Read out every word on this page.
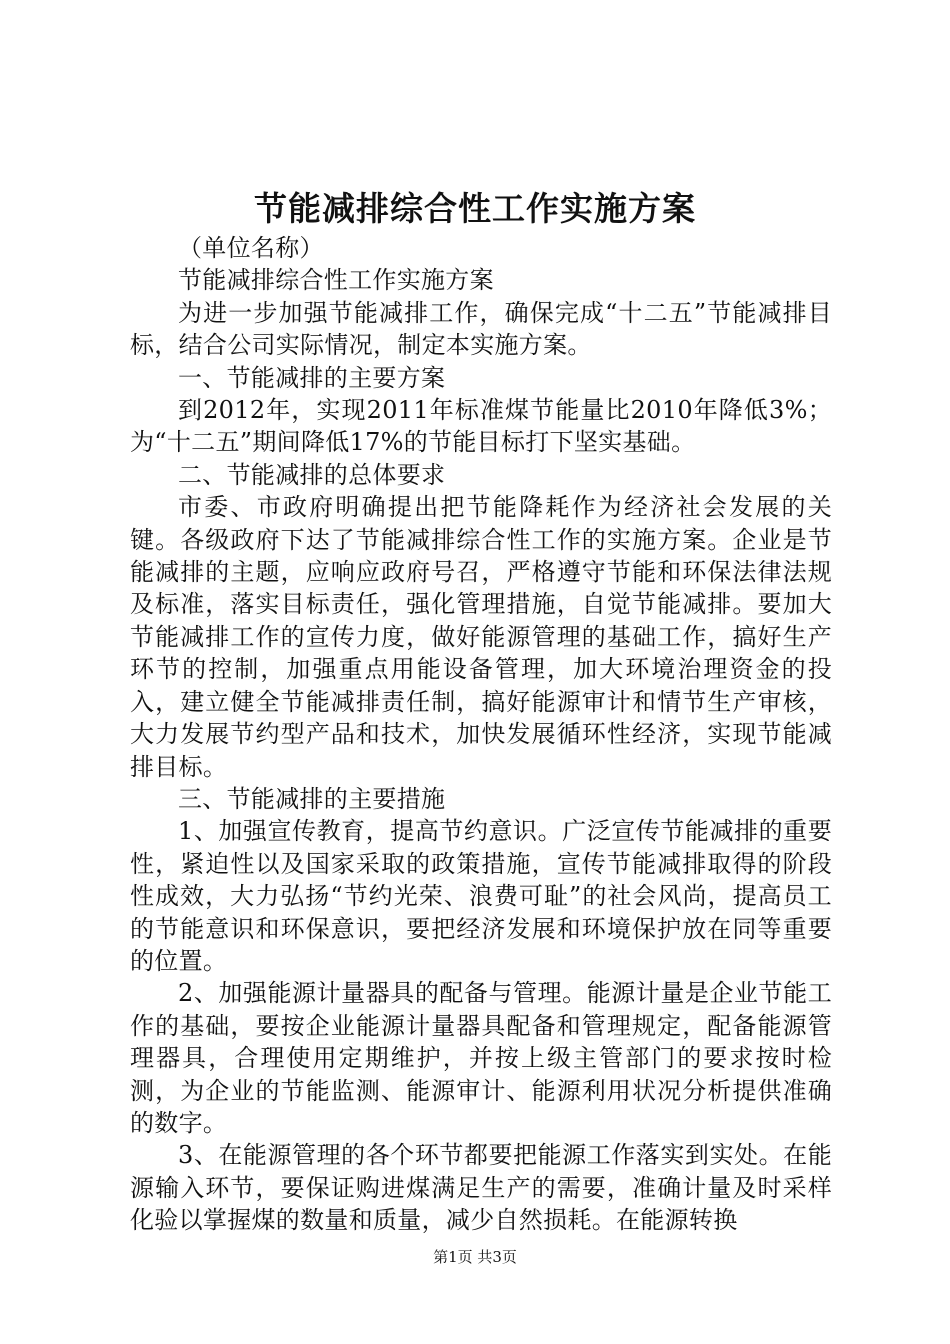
节能减排综合性工作实施方案

（单位名称）

节能减排综合性工作实施方案

为进一步加强节能减排工作，确保完成“十二五”节能减排目标，结合公司实际情况，制定本实施方案。

一、节能减排的主要方案

到2012年，实现2011年标准煤节能量比2010年降低3%；为“十二五”期间降低17%的节能目标打下坚实基础。

二、节能减排的总体要求

市委、市政府明确提出把节能降耗作为经济社会发展的关键。各级政府下达了节能减排综合性工作的实施方案。企业是节能减排的主题，应响应政府号召，严格遵守节能和环保法律法规及标准，落实目标责任，强化管理措施，自觉节能减排。要加大节能减排工作的宣传力度，做好能源管理的基础工作，搞好生产环节的控制，加强重点用能设备管理，加大环境治理资金的投入，建立健全节能减排责任制，搞好能源审计和情节生产审核，大力发展节约型产品和技术，加快发展循环性经济，实现节能减排目标。

三、节能减排的主要措施

1、加强宣传教育，提高节约意识。广泛宣传节能减排的重要性，紧迫性以及国家采取的政策措施，宣传节能减排取得的阶段性成效，大力弘扬“节约光荣、浪费可耻”的社会风尚，提高员工的节能意识和环保意识，要把经济发展和环境保护放在同等重要的位置。

2、加强能源计量器具的配备与管理。能源计量是企业节能工作的基础，要按企业能源计量器具配备和管理规定，配备能源管理器具，合理使用定期维护，并按上级主管部门的要求按时检测，为企业的节能监测、能源审计、能源利用状况分析提供准确的数字。

3、在能源管理的各个环节都要把能源工作落实到实处。在能源输入环节，要保证购进煤满足生产的需要，准确计量及时采样化验以掌握煤的数量和质量，减少自然损耗。在能源转换

第1页 共3页
